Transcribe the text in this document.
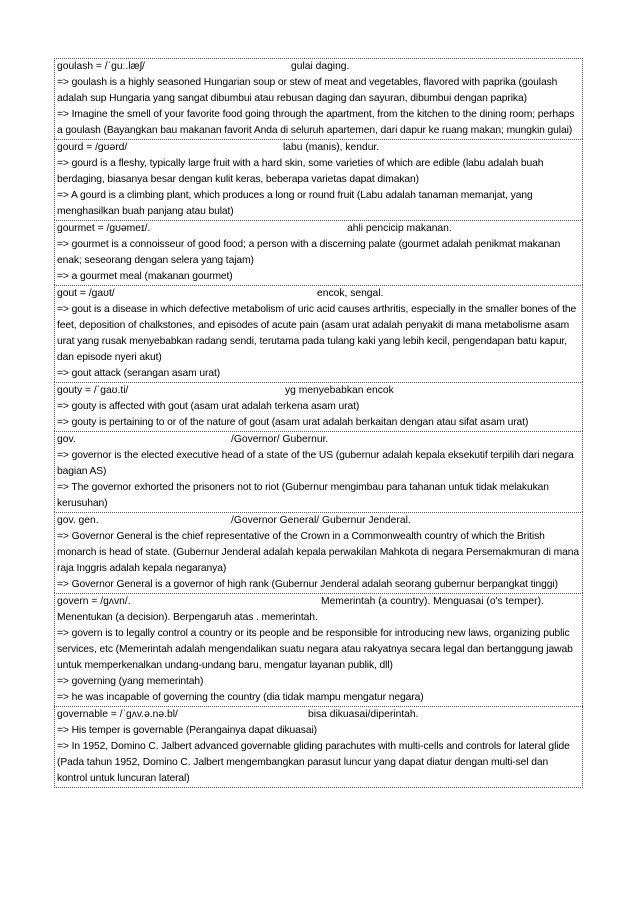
goulash = /ˈɡuː.læʃ/	gulai daging.
=> goulash is a highly seasoned Hungarian soup or stew of meat and vegetables, flavored with paprika (goulash adalah sup Hungaria yang sangat dibumbui atau rebusan daging dan sayuran, dibumbui dengan paprika)
=> Imagine the smell of your favorite food going through the apartment, from the kitchen to the dining room; perhaps a goulash (Bayangkan bau makanan favorit Anda di seluruh apartemen, dari dapur ke ruang makan; mungkin gulai)
gourd = /ɡʊərd/	labu (manis), kendur.
=> gourd is a fleshy, typically large fruit with a hard skin, some varieties of which are edible (labu adalah buah berdaging, biasanya besar dengan kulit keras, beberapa varietas dapat dimakan)
=> A gourd is a climbing plant, which produces a long or round fruit (Labu adalah tanaman memanjat, yang menghasilkan buah panjang atau bulat)
gourmet = /ɡʊəmeɪ/.	ahli pencicip makanan.
=> gourmet is a connoisseur of good food; a person with a discerning palate (gourmet adalah penikmat makanan enak; seseorang dengan selera yang tajam)
=> a gourmet meal (makanan gourmet)
gout = /ɡaʊt/	encok, sengal.
=> gout is a disease in which defective metabolism of uric acid causes arthritis, especially in the smaller bones of the feet, deposition of chalkstones, and episodes of acute pain (asam urat adalah penyakit di mana metabolisme asam urat yang rusak menyebabkan radang sendi, terutama pada tulang kaki yang lebih kecil, pengendapan batu kapur, dan episode nyeri akut)
=> gout attack (serangan asam urat)
gouty = /ˈɡaʊ.ti/	yg menyebabkan encok
=> gouty is affected with gout (asam urat adalah terkena asam urat)
=> gouty is pertaining to or of the nature of gout (asam urat adalah berkaitan dengan atau sifat asam urat)
gov.	/Governor/ Gubernur.
=> governor is the elected executive head of a state of the US (gubernur adalah kepala eksekutif terpilih dari negara bagian AS)
=> The governor exhorted the prisoners not to riot (Gubernur mengimbau para tahanan untuk tidak melakukan kerusuhan)
gov. gen.	/Governor General/ Gubernur Jenderal.
=> Governor General is the chief representative of the Crown in a Commonwealth country of which the British monarch is head of state. (Gubernur Jenderal adalah kepala perwakilan Mahkota di negara Persemakmuran di mana raja Inggris adalah kepala negaranya)
=> Governor General is a governor of high rank (Gubernur Jenderal adalah seorang gubernur berpangkat tinggi)
govern = /ɡʌvn/.	Memerintah (a country). Menguasai (o's temper).
Menentukan (a decision). Berpengaruh atas . memerintah.
=> govern is to legally control a country or its people and be responsible for introducing new laws, organizing public services, etc (Memerintah adalah mengendalikan suatu negara atau rakyatnya secara legal dan bertanggung jawab untuk memperkenalkan undang-undang baru, mengatur layanan publik, dll)
=> governing (yang memerintah)
=> he was incapable of governing the country (dia tidak mampu mengatur negara)
governable = /ˈɡʌv.ə.nə.bl/	bisa dikuasai/diperintah.
=> His temper is governable (Perangainya dapat dikuasai)
=> In 1952, Domino C. Jalbert advanced governable gliding parachutes with multi-cells and controls for lateral glide (Pada tahun 1952, Domino C. Jalbert mengembangkan parasut luncur yang dapat diatur dengan multi-sel dan kontrol untuk luncuran lateral)
